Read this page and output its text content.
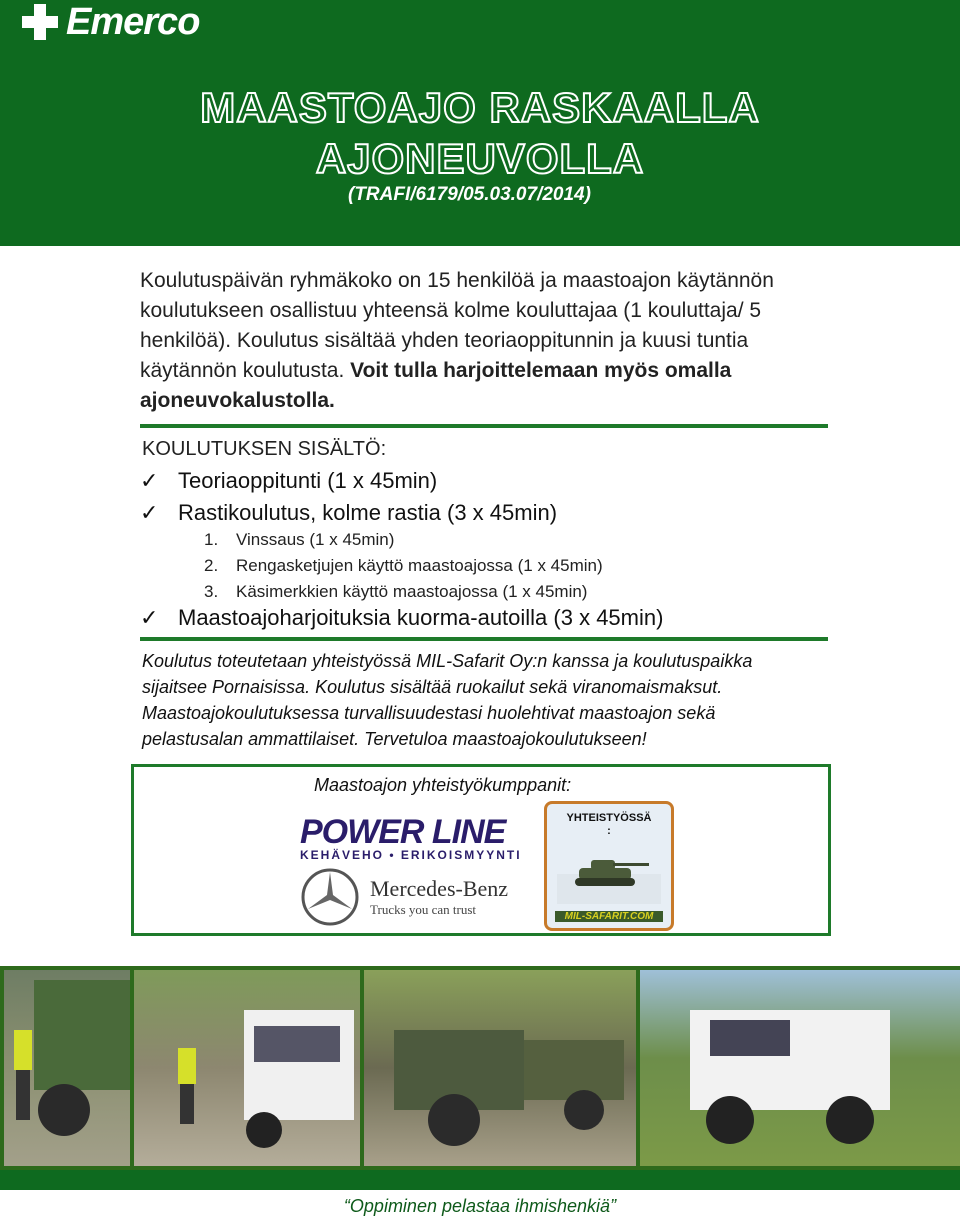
Emerco
MAASTOAJO RASKAALLA
AJONEUVOLLA
(TRAFI/6179/05.03.07/2014)
Koulutuspäivän ryhmäkoko on 15 henkilöä ja maastoajon käytännön koulutukseen osallistuu yhteensä kolme kouluttajaa (1 kouluttaja/ 5 henkilöä). Koulutus sisältää yhden teoriaoppitunnin ja kuusi tuntia käytännön koulutusta. Voit tulla harjoittelemaan myös omalla ajoneuvokalustolla.
KOULUTUKSEN SISÄLTÖ:
✓ Teoriaoppitunti (1 x 45min)
✓ Rastikoulutus, kolme rastia (3 x 45min)
1. Vinssaus (1 x 45min)
2. Rengasketjujen käyttö maastoajossa (1 x 45min)
3. Käsimerkkien käyttö maastoajossa (1 x 45min)
✓ Maastoajoharjoituksia kuorma-autoilla (3 x 45min)
Koulutus toteutetaan yhteistyössä MIL-Safarit Oy:n kanssa ja koulutuspaikka sijaitsee Pornaisissa. Koulutus sisältää ruokailut sekä viranomaismaksut. Maastoajokoulutuksessa turvallisuudestasi huolehtivat maastoajon sekä pelastusalan ammattilaiset. Tervetuloa maastoajokoulutukseen!
Maastoajon yhteistyökumppanit:
POWER LINE
KEHÄVEHO • ERIKOISMYYNTI
Mercedes-Benz
Trucks you can trust
YHTEISTYÖSSÄ
:
MIL-SAFARIT.COM
“Oppiminen pelastaa ihmishenkiä”
